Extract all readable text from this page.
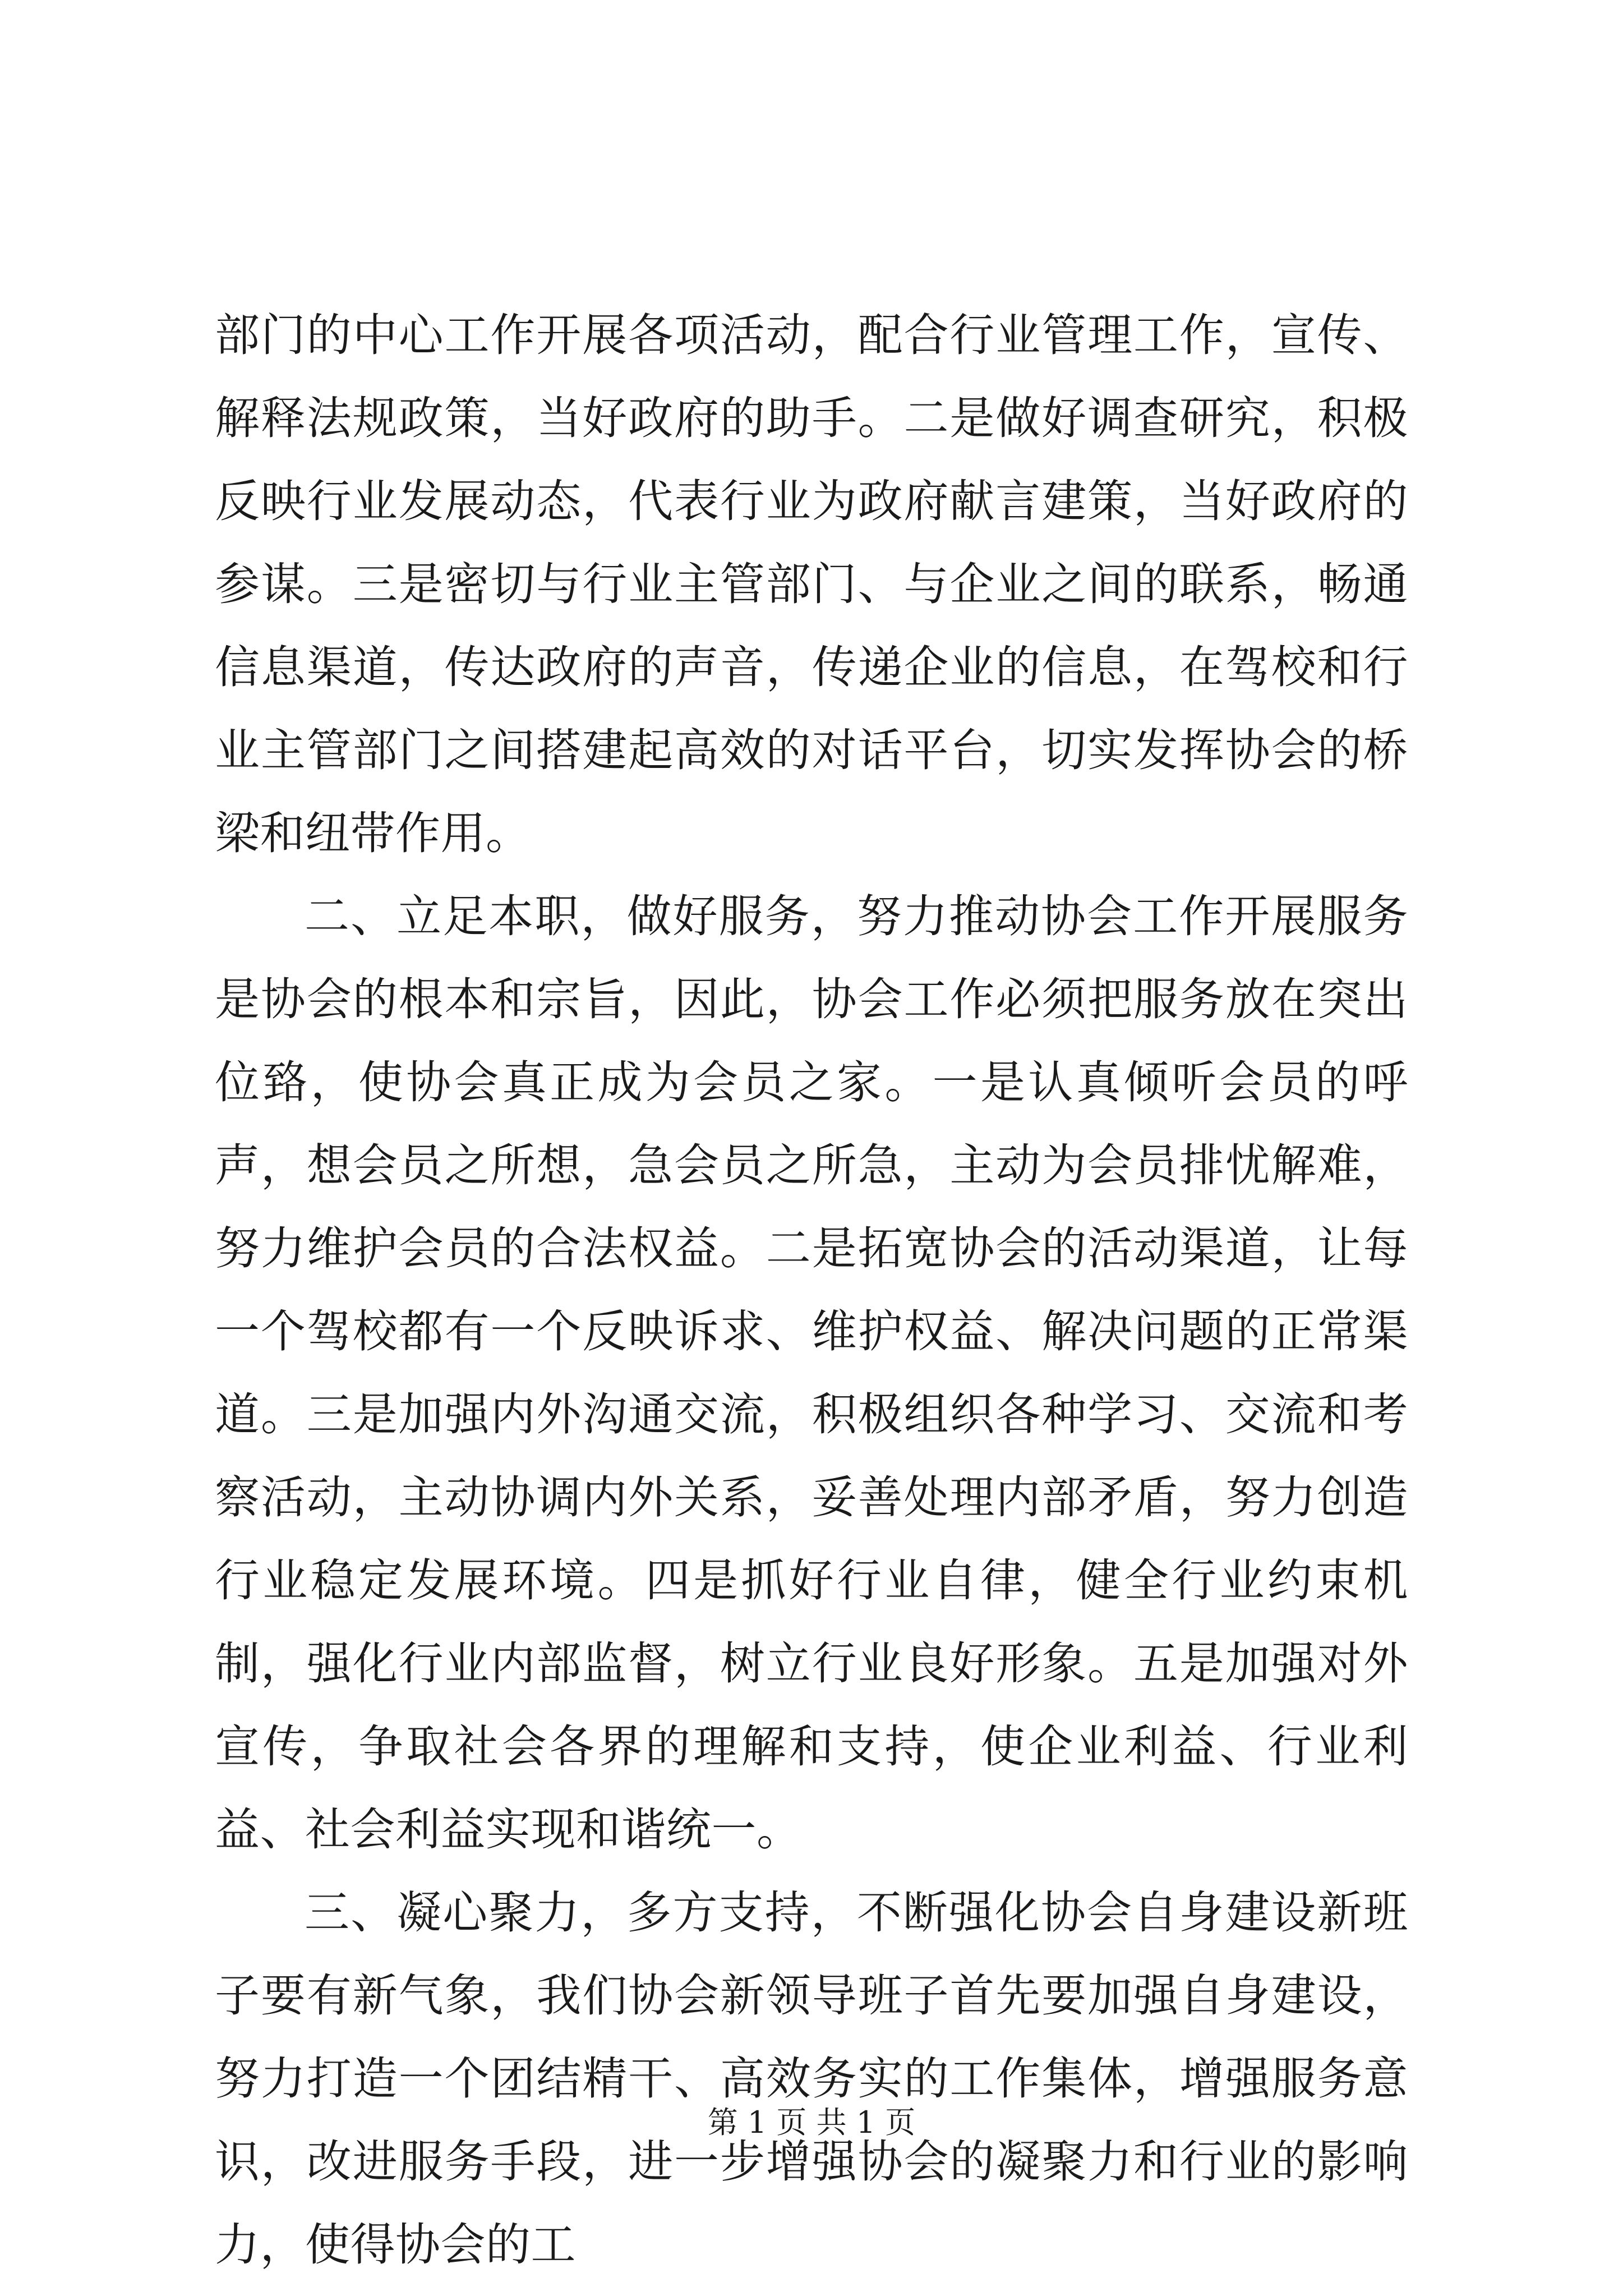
部门的中心工作开展各项活动，配合行业管理工作，宣传、解释法规政策，当好政府的助手。二是做好调查研究，积极反映行业发展动态，代表行业为政府献言建策，当好政府的参谋。三是密切与行业主管部门、与企业之间的联系，畅通信息渠道，传达政府的声音，传递企业的信息，在驾校和行业主管部门之间搭建起高效的对话平台，切实发挥协会的桥梁和纽带作用。

二、立足本职，做好服务，努力推动协会工作开展服务是协会的根本和宗旨，因此，协会工作必须把服务放在突出位臵，使协会真正成为会员之家。一是认真倾听会员的呼声，想会员之所想，急会员之所急，主动为会员排忧解难，努力维护会员的合法权益。二是拓宽协会的活动渠道，让每一个驾校都有一个反映诉求、维护权益、解决问题的正常渠道。三是加强内外沟通交流，积极组织各种学习、交流和考察活动，主动协调内外关系，妥善处理内部矛盾，努力创造行业稳定发展环境。四是抓好行业自律，健全行业约束机制，强化行业内部监督，树立行业良好形象。五是加强对外宣传，争取社会各界的理解和支持，使企业利益、行业利益、社会利益实现和谐统一。

三、凝心聚力，多方支持，不断强化协会自身建设新班子要有新气象，我们协会新领导班子首先要加强自身建设，努力打造一个团结精干、高效务实的工作集体，增强服务意识，改进服务手段，进一步增强协会的凝聚力和行业的影响力，使得协会的工

第 1 页 共 1 页
